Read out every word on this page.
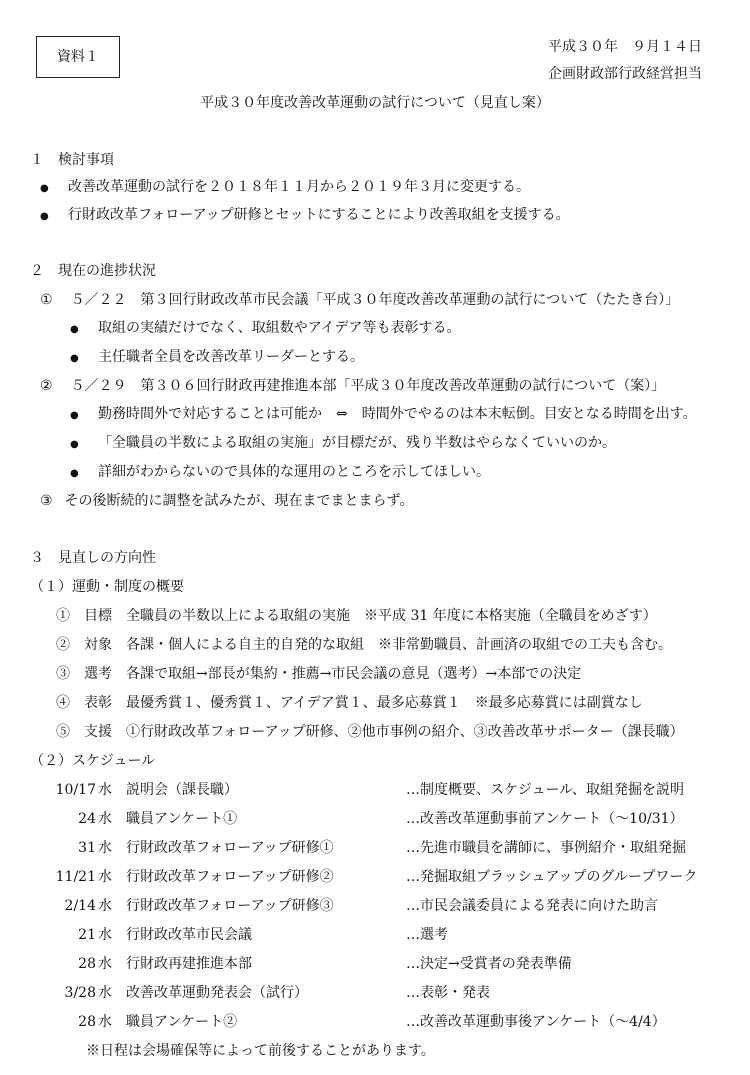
資料１
平成３０年　９月１４日
企画財政部行政経営担当
平成３０年度改善改革運動の試行について（見直し案）
１　検討事項
● 改善改革運動の試行を２０１８年１１月から２０１９年３月に変更する。
● 行財政改革フォローアップ研修とセットにすることにより改善取組を支援する。
２　現在の進捗状況
① ５／２２　第３回行財政改革市民会議「平成３０年度改善改革運動の試行について（たたき台）」
● 取組の実績だけでなく、取組数やアイデア等も表彰する。
● 主任職者全員を改善改革リーダーとする。
② ５／２９　第３０６回行財政再建推進本部「平成３０年度改善改革運動の試行について（案）」
● 勤務時間外で対応することは可能か　⇔　時間外でやるのは本末転倒。目安となる時間を出す。
● 「全職員の半数による取組の実施」が目標だが、残り半数はやらなくていいのか。
● 詳細がわからないので具体的な運用のところを示してほしい。
③ その後断続的に調整を試みたが、現在までまとまらず。
３　見直しの方向性
（１）運動・制度の概要
①　目標　全職員の半数以上による取組の実施　※平成 31 年度に本格実施（全職員をめざす）
②　対象　各課・個人による自主的自発的な取組　※非常勤職員、計画済の取組での工夫も含む。
③　選考　各課で取組→部長が集約・推薦→市民会議の意見（選考）→本部での決定
④　表彰　最優秀賞１、優秀賞１、アイデア賞１、最多応募賞１　※最多応募賞には副賞なし
⑤　支援　①行財政改革フォローアップ研修、②他市事例の紹介、③改善改革サポーター（課長職）
（２）スケジュール
10/17 水 説明会（課長職）	…制度概要、スケジュール、取組発掘を説明
24 水 職員アンケート①	…改善改革運動事前アンケート（～10/31）
31 水 行財政改革フォローアップ研修①	…先進市職員を講師に、事例紹介・取組発掘
11/21 水 行財政改革フォローアップ研修②	…発掘取組ブラッシュアップのグループワーク
2/14 水 行財政改革フォローアップ研修③	…市民会議委員による発表に向けた助言
21 水 行財政改革市民会議	…選考
28 水 行財政再建推進本部	…決定→受賞者の発表準備
3/28 水 改善改革運動発表会（試行）	…表彰・発表
28 水 職員アンケート②	…改善改革運動事後アンケート（～4/4）
※日程は会場確保等によって前後することがあります。
